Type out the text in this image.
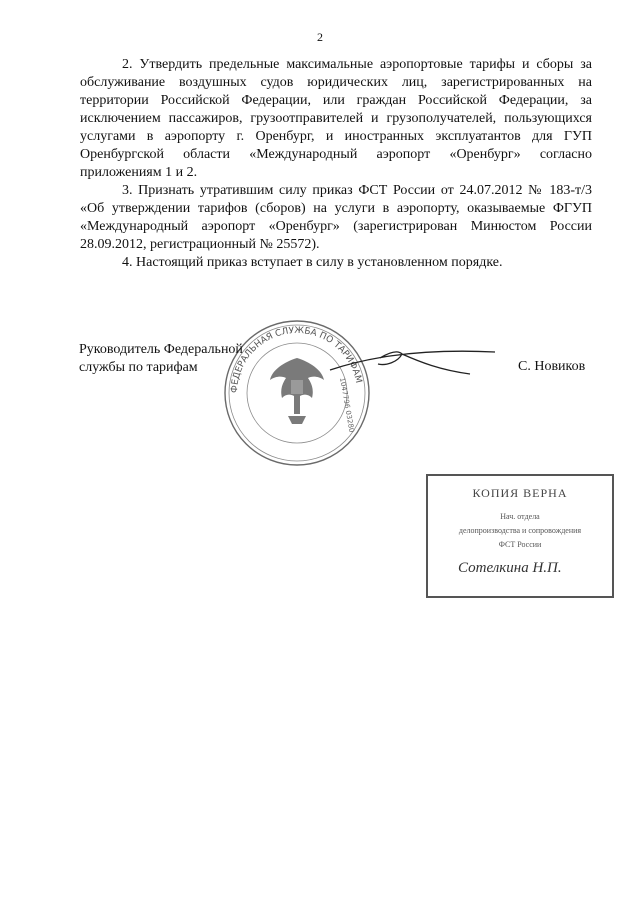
2

2. Утвердить предельные максимальные аэропортовые тарифы и сборы за обслуживание воздушных судов юридических лиц, зарегистрированных на территории Российской Федерации, или граждан Российской Федерации, за исключением пассажиров, грузоотправителей и грузополучателей, пользующихся услугами в аэропорту г. Оренбург, и иностранных эксплуатантов для ГУП Оренбургской области «Международный аэропорт «Оренбург» согласно приложениям 1 и 2.

3. Признать утратившим силу приказ ФСТ России от 24.07.2012 № 183-т/3 «Об утверждении тарифов (сборов) на услуги в аэропорту, оказываемые ФГУП «Международный аэропорт «Оренбург» (зарегистрирован Минюстом России 28.09.2012, регистрационный № 25572).

4. Настоящий приказ вступает в силу в установленном порядке.

ФЕДЕРАЛЬНАЯ СЛУЖБА ПО ТАРИФАМ
1047796 03280
Руководитель Федеральной
службы по тарифам	С. Новиков
КОПИЯ ВЕРНА
Нач. отдела
делопроизводства и сопровождения
ФСТ России
Сотелкина Н.П.
